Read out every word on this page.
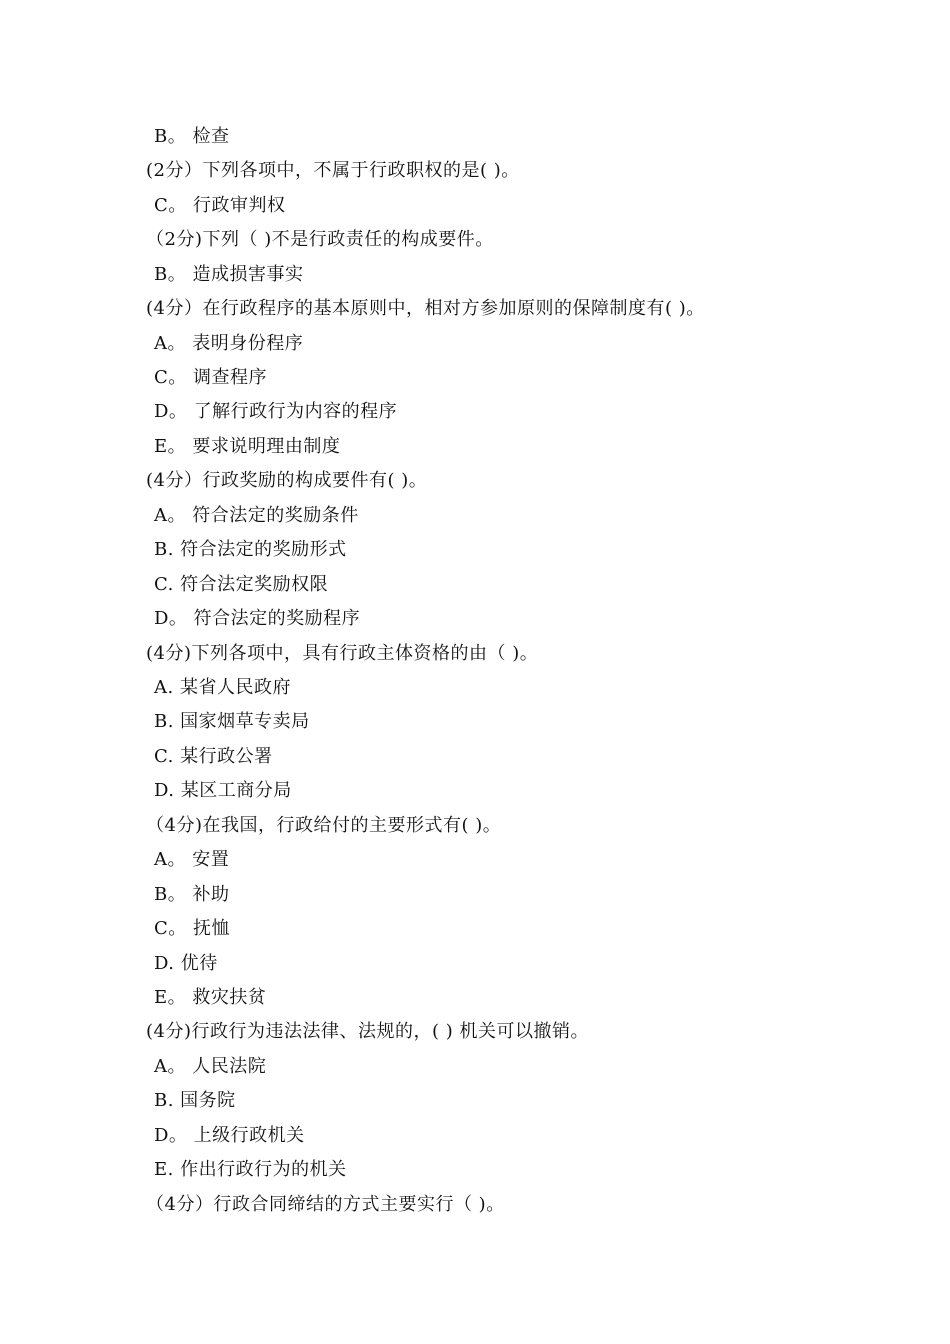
B。 检查
(2分）下列各项中，不属于行政职权的是( )。
C。 行政审判权
（2分)下列（ )不是行政责任的构成要件。
B。 造成损害事实
(4分）在行政程序的基本原则中，相对方参加原则的保障制度有( )。
A。 表明身份程序
C。 调查程序
D。 了解行政行为内容的程序
E。 要求说明理由制度
(4分）行政奖励的构成要件有( )。
A。 符合法定的奖励条件
B. 符合法定的奖励形式
C. 符合法定奖励权限
D。 符合法定的奖励程序
(4分)下列各项中，具有行政主体资格的由（ )。
A. 某省人民政府
B. 国家烟草专卖局
C. 某行政公署
D. 某区工商分局
（4分)在我国，行政给付的主要形式有( )。
A。 安置
B。 补助
C。 抚恤
D. 优待
E。 救灾扶贫
(4分)行政行为违法法律、法规的，( ) 机关可以撤销。
A。 人民法院
B. 国务院
D。 上级行政机关
E. 作出行政行为的机关
（4分）行政合同缔结的方式主要实行（ )。
